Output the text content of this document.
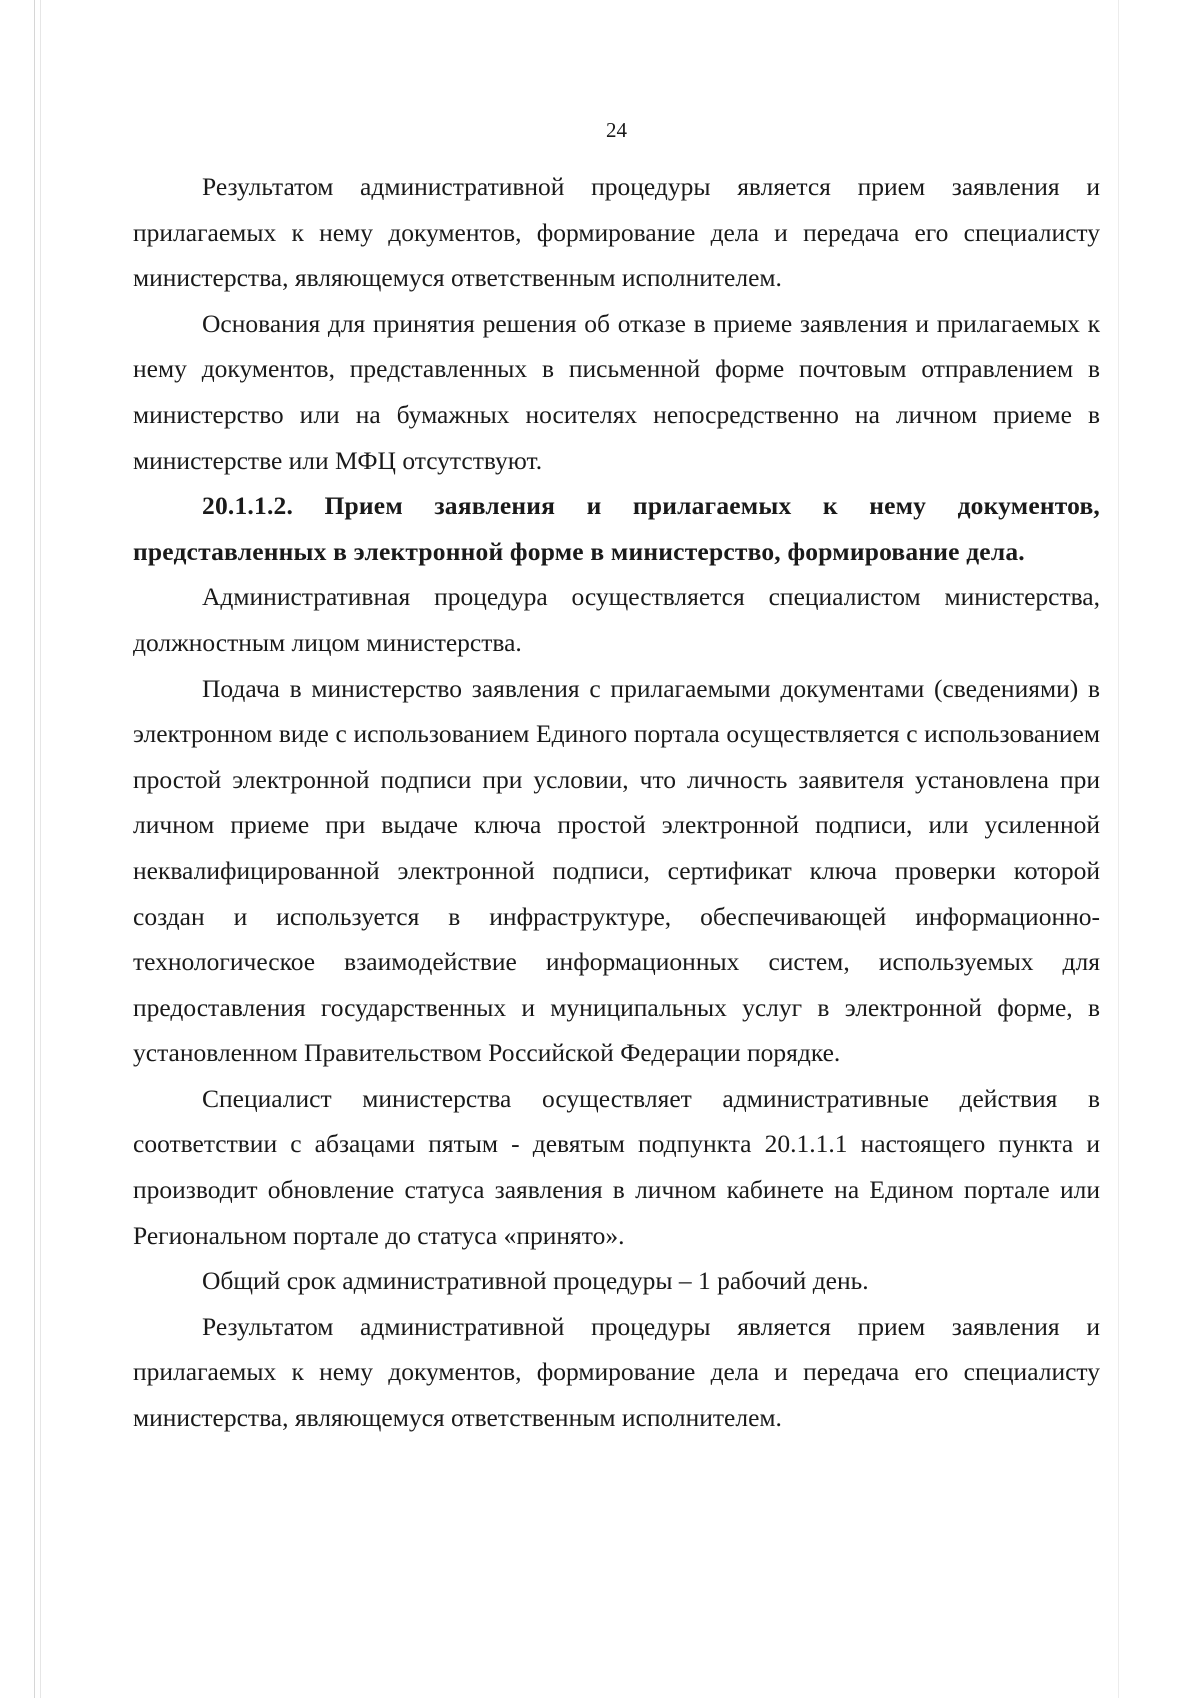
24

Результатом административной процедуры является прием заявления и прилагаемых к нему документов, формирование дела и передача его специалисту министерства, являющемуся ответственным исполнителем.

Основания для принятия решения об отказе в приеме заявления и прилагаемых к нему документов, представленных в письменной форме почтовым отправлением в министерство или на бумажных носителях непосредственно на личном приеме в министерстве или МФЦ отсутствуют.

20.1.1.2. Прием заявления и прилагаемых к нему документов, представленных в электронной форме в министерство, формирование дела.

Административная процедура осуществляется специалистом министерства, должностным лицом министерства.

Подача в министерство заявления с прилагаемыми документами (сведениями) в электронном виде с использованием Единого портала осуществляется с использованием простой электронной подписи при условии, что личность заявителя установлена при личном приеме при выдаче ключа простой электронной подписи, или усиленной неквалифицированной электронной подписи, сертификат ключа проверки которой создан и используется в инфраструктуре, обеспечивающей информационно-технологическое взаимодействие информационных систем, используемых для предоставления государственных и муниципальных услуг в электронной форме, в установленном Правительством Российской Федерации порядке.

Специалист министерства осуществляет административные действия в соответствии с абзацами пятым - девятым подпункта 20.1.1.1 настоящего пункта и производит обновление статуса заявления в личном кабинете на Едином портале или Региональном портале до статуса «принято».

Общий срок административной процедуры – 1 рабочий день.

Результатом административной процедуры является прием заявления и прилагаемых к нему документов, формирование дела и передача его специалисту министерства, являющемуся ответственным исполнителем.
